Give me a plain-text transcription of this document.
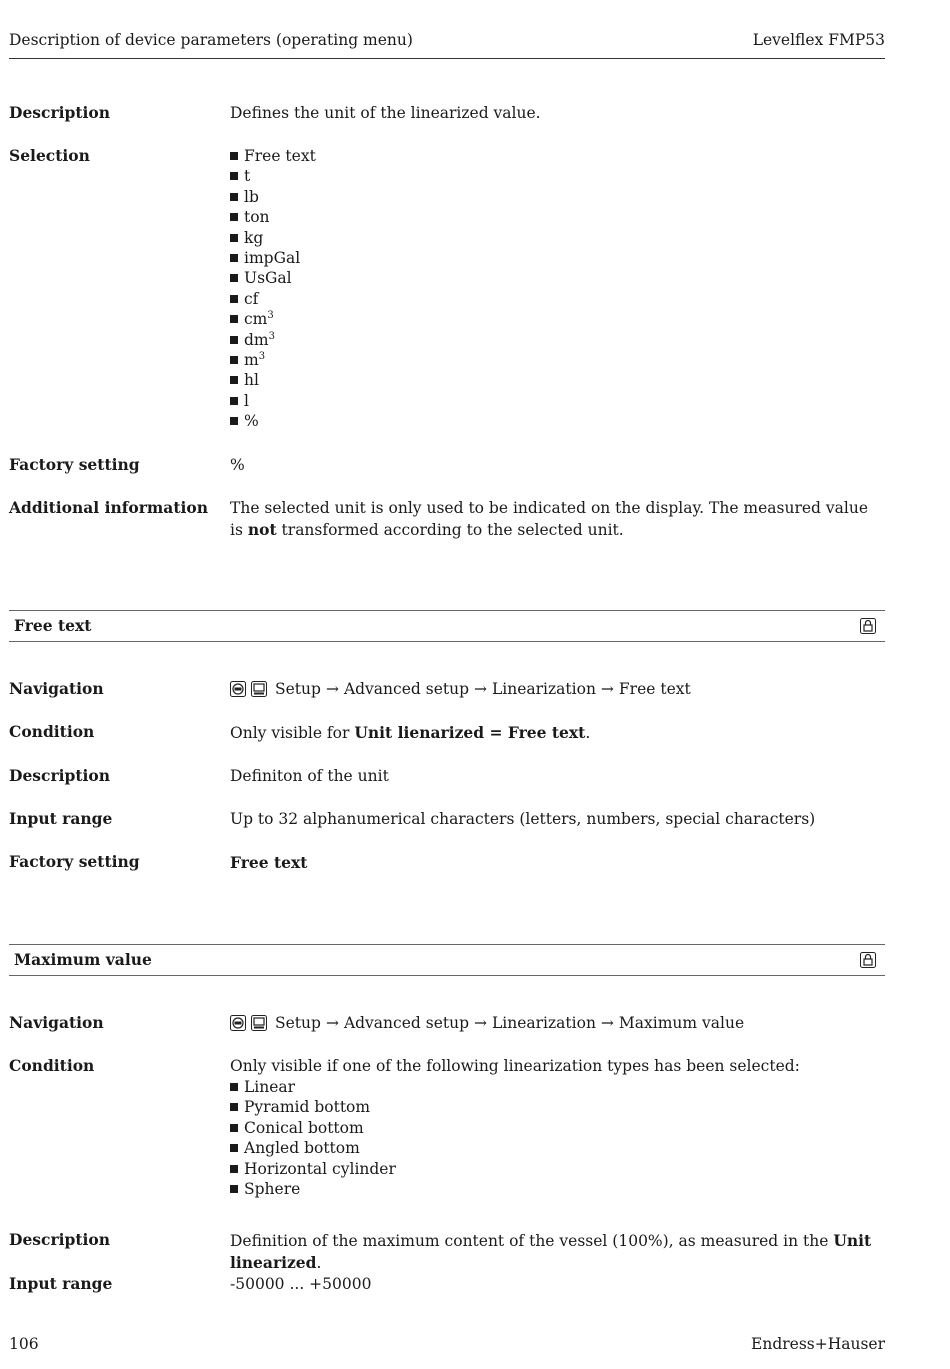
Description of device parameters (operating menu)	Levelflex FMP53
Description	Defines the unit of the linearized value.
Selection	Free text
t
lb
ton
kg
impGal
UsGal
cf
$cm^3$
$dm^3$
$m^3$
hl
l
%
Factory setting	%
Additional information	The selected unit is only used to be indicated on the display. The measured value is not transformed according to the selected unit.
Free text
Navigation	Setup → Advanced setup → Linearization → Free text
Condition	Only visible for Unit lienarized = Free text.
Description	Definiton of the unit
Input range	Up to 32 alphanumerical characters (letters, numbers, special characters)
Factory setting	Free text
Maximum value
Navigation	Setup → Advanced setup → Linearization → Maximum value
Condition	Only visible if one of the following linearization types has been selected:
Linear
Pyramid bottom
Conical bottom
Angled bottom
Horizontal cylinder
Sphere
Description	Definition of the maximum content of the vessel (100%), as measured in the Unit linearized.
Input range	-50000 ... +50000
106	Endress+Hauser
